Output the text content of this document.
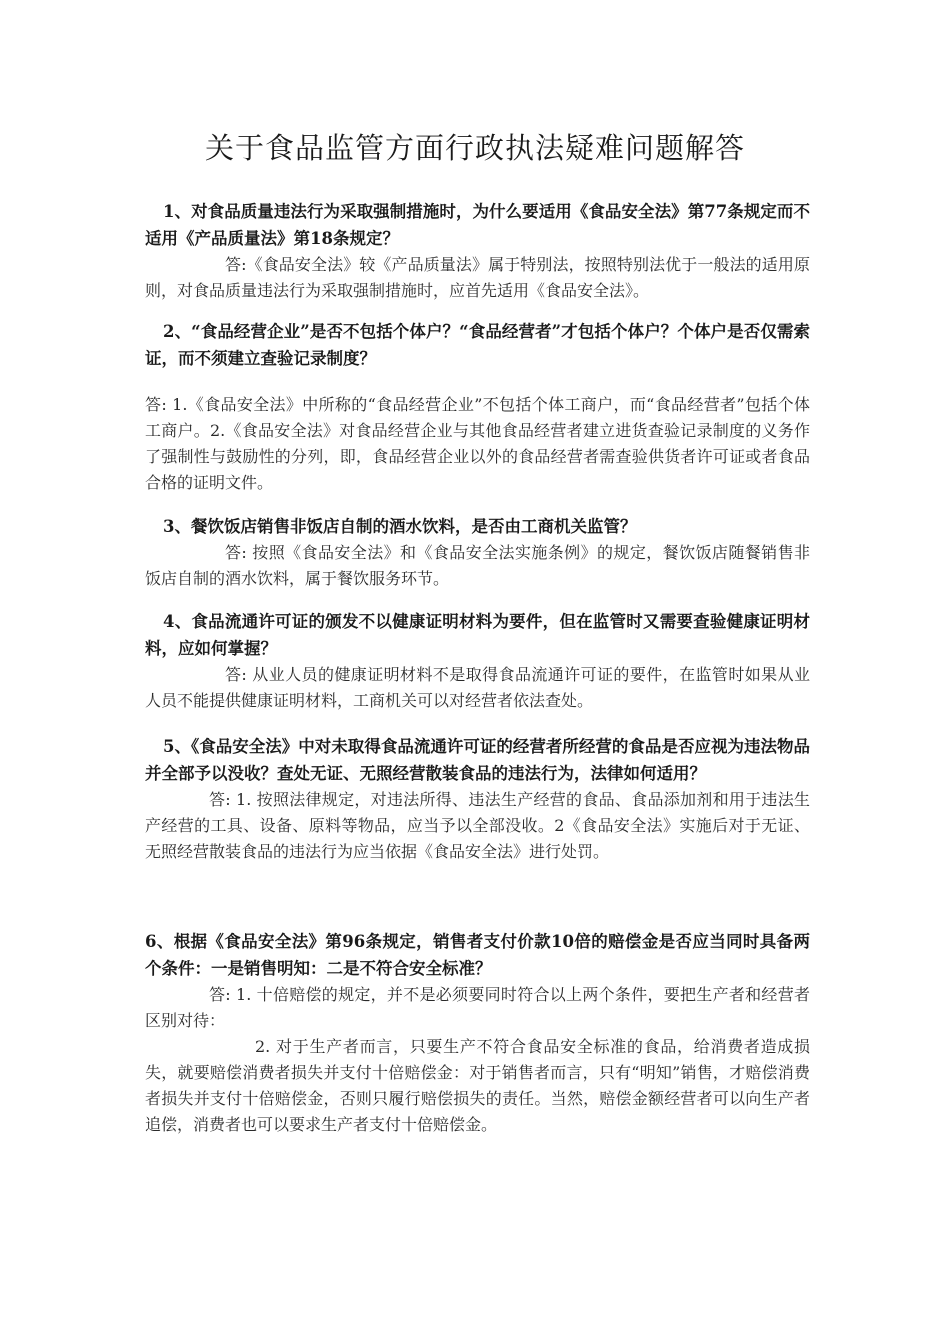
关于食品监管方面行政执法疑难问题解答

1、对食品质量违法行为采取强制措施时，为什么要适用《食品安全法》第77条规定而不适用《产品质量法》第18条规定？

答:《食品安全法》较《产品质量法》属于特别法，按照特别法优于一般法的适用原则，对食品质量违法行为采取强制措施时，应首先适用《食品安全法》。

2、“食品经营企业”是否不包括个体户？“食品经营者”才包括个体户？个体户是否仅需索证，而不须建立查验记录制度？

答: 1.《食品安全法》中所称的“食品经营企业”不包括个体工商户，而“食品经营者”包括个体工商户。2.《食品安全法》对食品经营企业与其他食品经营者建立进货查验记录制度的义务作了强制性与鼓励性的分列，即，食品经营企业以外的食品经营者需查验供货者许可证或者食品合格的证明文件。

3、餐饮饭店销售非饭店自制的酒水饮料，是否由工商机关监管？

答: 按照《食品安全法》和《食品安全法实施条例》的规定，餐饮饭店随餐销售非饭店自制的酒水饮料，属于餐饮服务环节。

4、食品流通许可证的颁发不以健康证明材料为要件，但在监管时又需要查验健康证明材料，应如何掌握？

答: 从业人员的健康证明材料不是取得食品流通许可证的要件，在监管时如果从业人员不能提供健康证明材料，工商机关可以对经营者依法查处。

5、《食品安全法》中对未取得食品流通许可证的经营者所经营的食品是否应视为违法物品并全部予以没收？查处无证、无照经营散装食品的违法行为，法律如何适用？

答: 1. 按照法律规定，对违法所得、违法生产经营的食品、食品添加剂和用于违法生产经营的工具、设备、原料等物品，应当予以全部没收。2《食品安全法》实施后对于无证、无照经营散装食品的违法行为应当依据《食品安全法》进行处罚。

6、根据《食品安全法》第96条规定，销售者支付价款10倍的赔偿金是否应当同时具备两个条件：一是销售明知：二是不符合安全标准？

答: 1. 十倍赔偿的规定，并不是必须要同时符合以上两个条件，要把生产者和经营者区别对待：

2. 对于生产者而言，只要生产不符合食品安全标准的食品，给消费者造成损失，就要赔偿消费者损失并支付十倍赔偿金：对于销售者而言，只有“明知”销售，才赔偿消费者损失并支付十倍赔偿金，否则只履行赔偿损失的责任。当然，赔偿金额经营者可以向生产者追偿，消费者也可以要求生产者支付十倍赔偿金。
